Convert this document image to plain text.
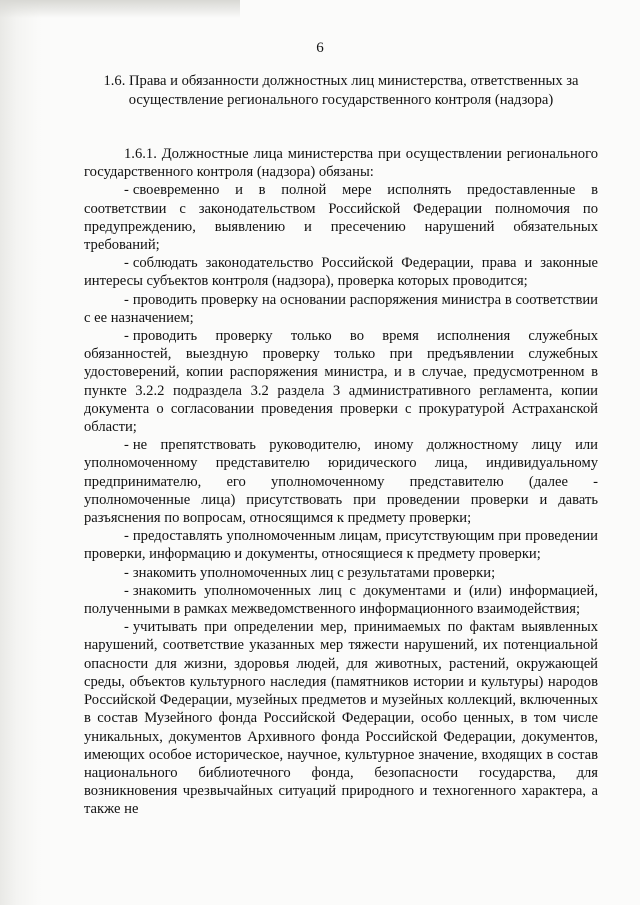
6
1.6. Права и обязанности должностных лиц министерства, ответственных за осуществление регионального государственного контроля (надзора)

1.6.1. Должностные лица министерства при осуществлении регионального государственного контроля (надзора) обязаны:

- своевременно и в полной мере исполнять предоставленные в соответствии с законодательством Российской Федерации полномочия по предупреждению, выявлению и пресечению нарушений обязательных требований;

- соблюдать законодательство Российской Федерации, права и законные интересы субъектов контроля (надзора), проверка которых проводится;

- проводить проверку на основании распоряжения министра в соответствии с ее назначением;

- проводить проверку только во время исполнения служебных обязанностей, выездную проверку только при предъявлении служебных удостоверений, копии распоряжения министра, и в случае, предусмотренном в пункте 3.2.2 подраздела 3.2 раздела 3 административного регламента, копии документа о согласовании проведения проверки с прокуратурой Астраханской области;

- не препятствовать руководителю, иному должностному лицу или уполномоченному представителю юридического лица, индивидуальному предпринимателю, его уполномоченному представителю (далее - уполномоченные лица) присутствовать при проведении проверки и давать разъяснения по вопросам, относящимся к предмету проверки;

- предоставлять уполномоченным лицам, присутствующим при проведении проверки, информацию и документы, относящиеся к предмету проверки;

- знакомить уполномоченных лиц с результатами проверки;

- знакомить уполномоченных лиц с документами и (или) информацией, полученными в рамках межведомственного информационного взаимодействия;

- учитывать при определении мер, принимаемых по фактам выявленных нарушений, соответствие указанных мер тяжести нарушений, их потенциальной опасности для жизни, здоровья людей, для животных, растений, окружающей среды, объектов культурного наследия (памятников истории и культуры) народов Российской Федерации, музейных предметов и музейных коллекций, включенных в состав Музейного фонда Российской Федерации, особо ценных, в том числе уникальных, документов Архивного фонда Российской Федерации, документов, имеющих особое историческое, научное, культурное значение, входящих в состав национального библиотечного фонда, безопасности государства, для возникновения чрезвычайных ситуаций природного и техногенного характера, а также не
